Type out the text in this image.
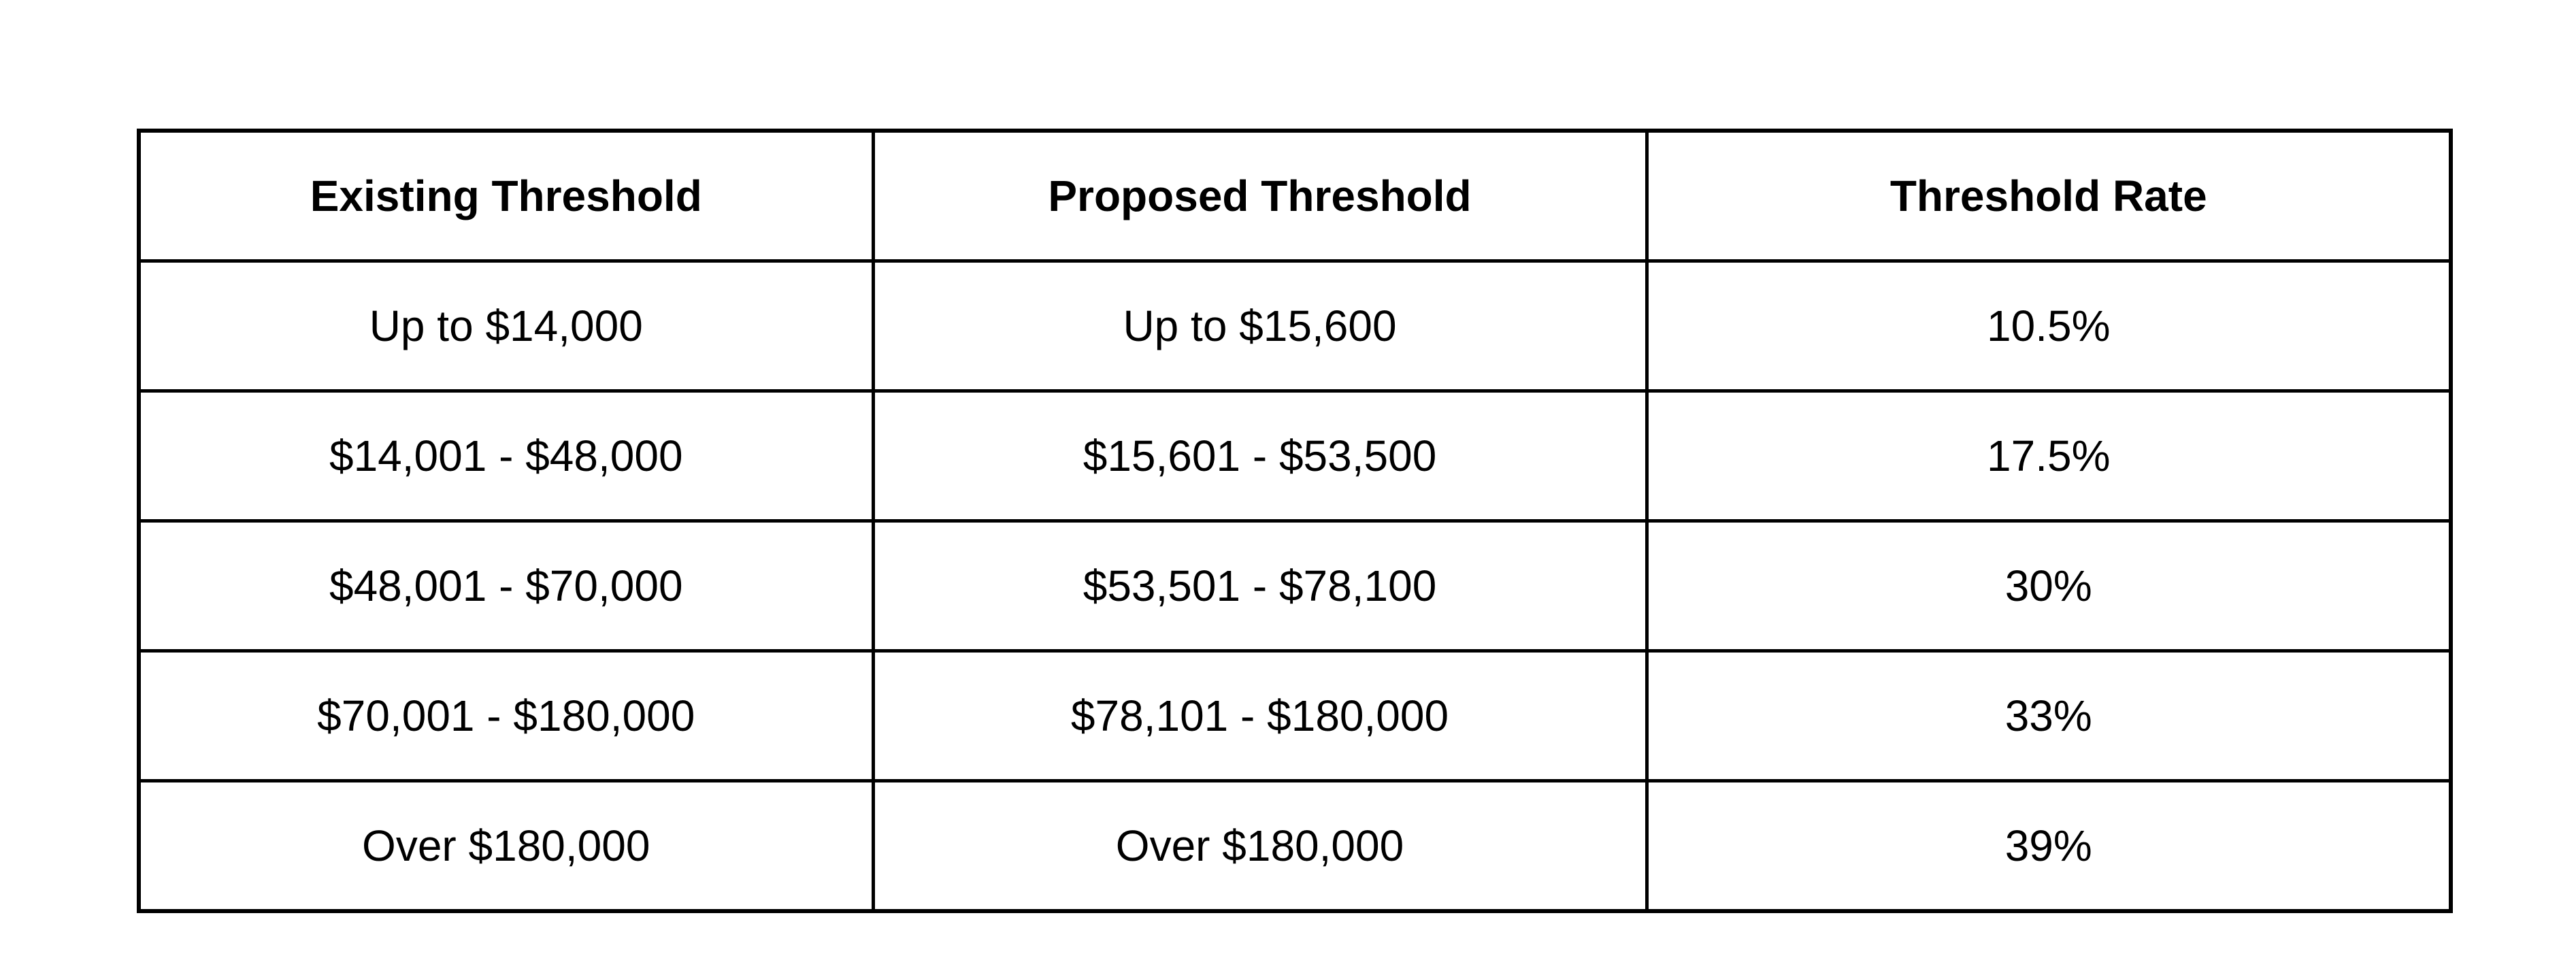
Existing Threshold	Proposed Threshold	Threshold Rate
Up to $14,000	Up to $15,600	10.5%
$14,001 - $48,000	$15,601 - $53,500	17.5%
$48,001 - $70,000	$53,501 - $78,100	30%
$70,001 - $180,000	$78,101 - $180,000	33%
Over $180,000	Over $180,000	39%
